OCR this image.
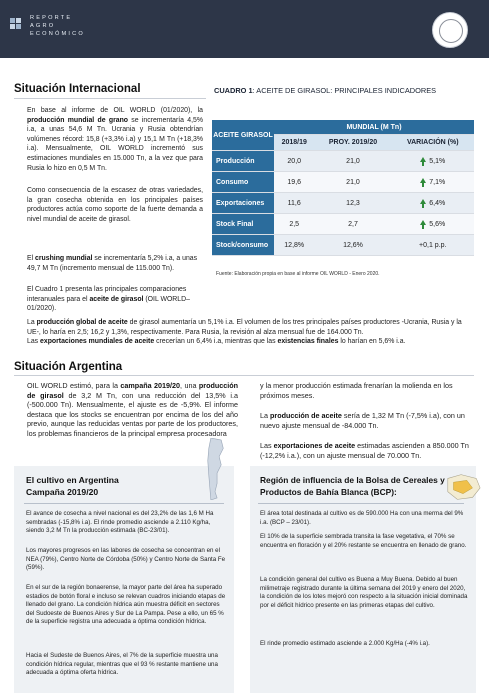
REPORTE
AGRO
ECONÓMICO
Situación Internacional

En base al informe de OIL WORLD (01/2020), la producción mundial de grano se incrementaría 4,5% i.a, a unas 54,6 M Tn. Ucrania y Rusia obtendrían volúmenes récord: 15,8 (+3,3% i.a) y 15,1 M Tn (+18,3% i.a). Mensualmente, OIL WORLD incrementó sus estimaciones mundiales en 15.000 Tn, a la vez que para Rusia lo hizo en 0,5 M Tn.

Como consecuencia de la escasez de otras variedades, la gran cosecha obtenida en los principales países productores actúa como soporte de la fuerte demanda a nivel mundial de aceite de girasol.

El crushing mundial se incrementaría 5,2% i.a, a unas 49,7 M Tn (incremento mensual de 115.000 Tn).

El Cuadro 1 presenta las principales comparaciones interanuales para el aceite de girasol (OIL WORLD– 01/2020).

CUADRO 1: ACEITE DE GIRASOL: PRINCIPALES INDICADORES
ACEITE GIRASOL	MUNDIAL (M Tn)		
	2018/19	PROY. 2019/20	VARIACIÓN (%)
Producción	20,0	21,0	5,1%
Consumo	19,6	21,0	7,1%
Exportaciones	11,6	12,3	6,4%
Stock Final	2,5	2,7	5,6%
Stock/consumo	12,8%	12,6%	+0,1 p.p.
Fuente: Elaboración propia en base al informe OIL WORLD - Enero 2020.

La producción global de aceite de girasol aumentaría un 5,1% i.a. El volumen de los tres principales países productores -Ucrania, Rusia y la UE-, lo haría en 2,5; 16,2 y 1,3%, respectivamente. Para Rusia, la revisión al alza mensual fue de 164.000 Tn.

Las exportaciones mundiales de aceite crecerían un 6,4% i.a, mientras que las existencias finales lo harían en 5,6% i.a.

Situación Argentina

OIL WORLD estimó, para la campaña 2019/20, una producción de girasol de 3,2 M Tn, con una reducción del 13,5% i.a (-500.000 Tn). Mensualmente, el ajuste es de -5,9%. El informe destaca que los stocks se encuentran por encima de los del año previo, aunque las reducidas ventas por parte de los productores, los problemas financieros de la principal empresa procesadora

y la menor producción estimada frenarían la molienda en los próximos meses.

La producción de aceite sería de 1,32 M Tn (-7,5% i.a), con un nuevo ajuste mensual de -84.000 Tn.

Las exportaciones de aceite estimadas ascienden a 850.000 Tn (-12,2% i.a.), con un ajuste mensual de 70.000 Tn.

El cultivo en Argentina
Campaña 2019/20

El avance de cosecha a nivel nacional es del 23,2% de las 1,6 M Ha sembradas (-15,8% i.a). El rinde promedio asciende a 2.110 Kg/ha, siendo 3,2 M Tn la producción estimada (BC-23/01).

Los mayores progresos en las labores de cosecha se concentran en el NEA (79%), Centro Norte de Córdoba (50%) y Centro Norte de Santa Fe (59%).

En el sur de la región bonaerense, la mayor parte del área ha superado estadios de botón floral e incluso se relevan cuadros iniciando etapas de llenado del grano. La condición hídrica aún muestra déficit en sectores del Sudoeste de Buenos Aires y Sur de La Pampa. Pese a ello, un 65 % de la superficie registra una adecuada a óptima condición hídrica.

Hacia el Sudeste de Buenos Aires, el 7% de la superficie muestra una condición hídrica regular, mientras que el 93 % restante mantiene una adecuada a óptima oferta hídrica.

Región de influencia de la Bolsa de Cereales y
Productos de Bahía Blanca (BCP):

El área total destinada al cultivo es de 590.000 Ha con una merma del 9% i.a. (BCP – 23/01).

El 10% de la superficie sembrada transita la fase vegetativa, el 70% se encuentra en floración y el 20% restante se encuentra en llenado de grano.

La condición general del cultivo es Buena a Muy Buena. Debido al buen milimetraje registrado durante la última semana del 2019 y enero del 2020, la condición de los lotes mejoró con respecto a la situación inicial dominada por el déficit hídrico presente en las primeras etapas del cultivo.

El rinde promedio estimado asciende a 2.000 Kg/Ha (-4% i.a).
